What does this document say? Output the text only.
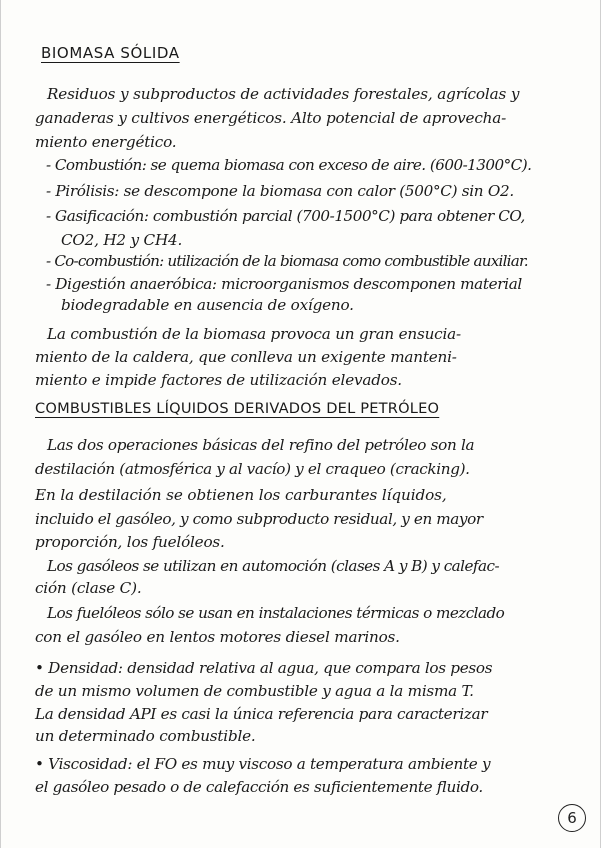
BIOMASA SÓLIDA
Residuos y subproductos de actividades forestales, agrícolas y
ganaderas y cultivos energéticos. Alto potencial de aprovecha-
miento energético.
- Combustión: se quema biomasa con exceso de aire. (600-1300°C).
- Pirólisis: se descompone la biomasa con calor (500°C) sin O2.
- Gasificación: combustión parcial (700-1500°C) para obtener CO,
CO2, H2 y CH4.
- Co-combustión: utilización de la biomasa como combustible auxiliar.
- Digestión anaeróbica: microorganismos descomponen material
biodegradable en ausencia de oxígeno.
La combustión de la biomasa provoca un gran ensucia-
miento de la caldera, que conlleva un exigente manteni-
miento e impide factores de utilización elevados.
COMBUSTIBLES LÍQUIDOS DERIVADOS DEL PETRÓLEO
Las dos operaciones básicas del refino del petróleo son la
destilación (atmosférica y al vacío) y el craqueo (cracking).
En la destilación se obtienen los carburantes líquidos,
incluido el gasóleo, y como subproducto residual, y en mayor
proporción, los fuelóleos.
Los gasóleos se utilizan en automoción (clases A y B) y calefac-
ción (clase C).
Los fuelóleos sólo se usan en instalaciones térmicas o mezclado
con el gasóleo en lentos motores diesel marinos.
• Densidad: densidad relativa al agua, que compara los pesos
de un mismo volumen de combustible y agua a la misma T.
La densidad API es casi la única referencia para caracterizar
un determinado combustible.
• Viscosidad: el FO es muy viscoso a temperatura ambiente y
el gasóleo pesado o de calefacción es suficientemente fluido.
6
